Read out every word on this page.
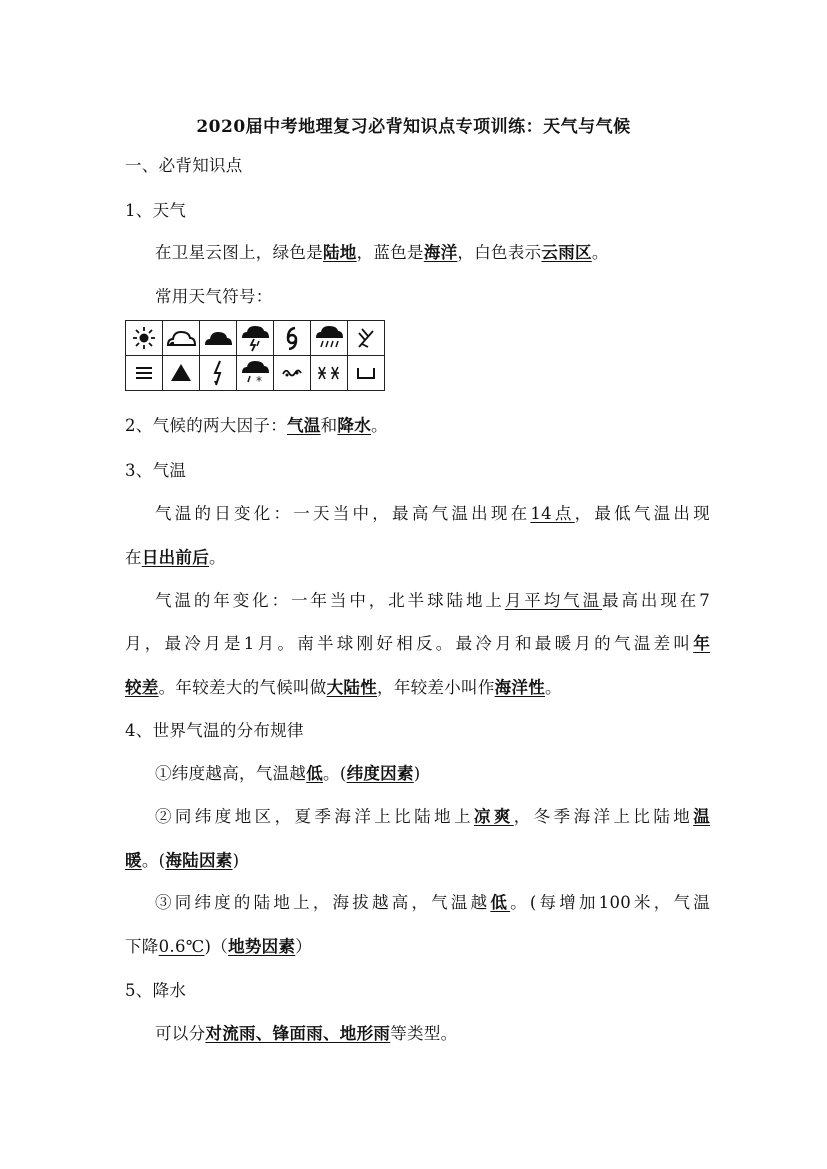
2020届中考地理复习必背知识点专项训练：天气与气候
一、必背知识点
1、天气
在卫星云图上，绿色是陆地，蓝色是海洋，白色表示云雨区。
常用天气符号：

*

2、气候的两大因子：气温和降水。
3、气温
气温的日变化：一天当中，最高气温出现在14点，最低气温出现
在日出前后。
气温的年变化：一年当中，北半球陆地上月平均气温最高出现在7
月，最冷月是1月。南半球刚好相反。最冷月和最暖月的气温差叫年
较差。年较差大的气候叫做大陆性，年较差小叫作海洋性。
4、世界气温的分布规律
①纬度越高，气温越低。(纬度因素)
②同纬度地区，夏季海洋上比陆地上凉爽，冬季海洋上比陆地温
暖。(海陆因素)
③同纬度的陆地上，海拔越高，气温越低。(每增加100米，气温
下降0.6℃)（地势因素）
5、降水
可以分对流雨、锋面雨、地形雨等类型。
